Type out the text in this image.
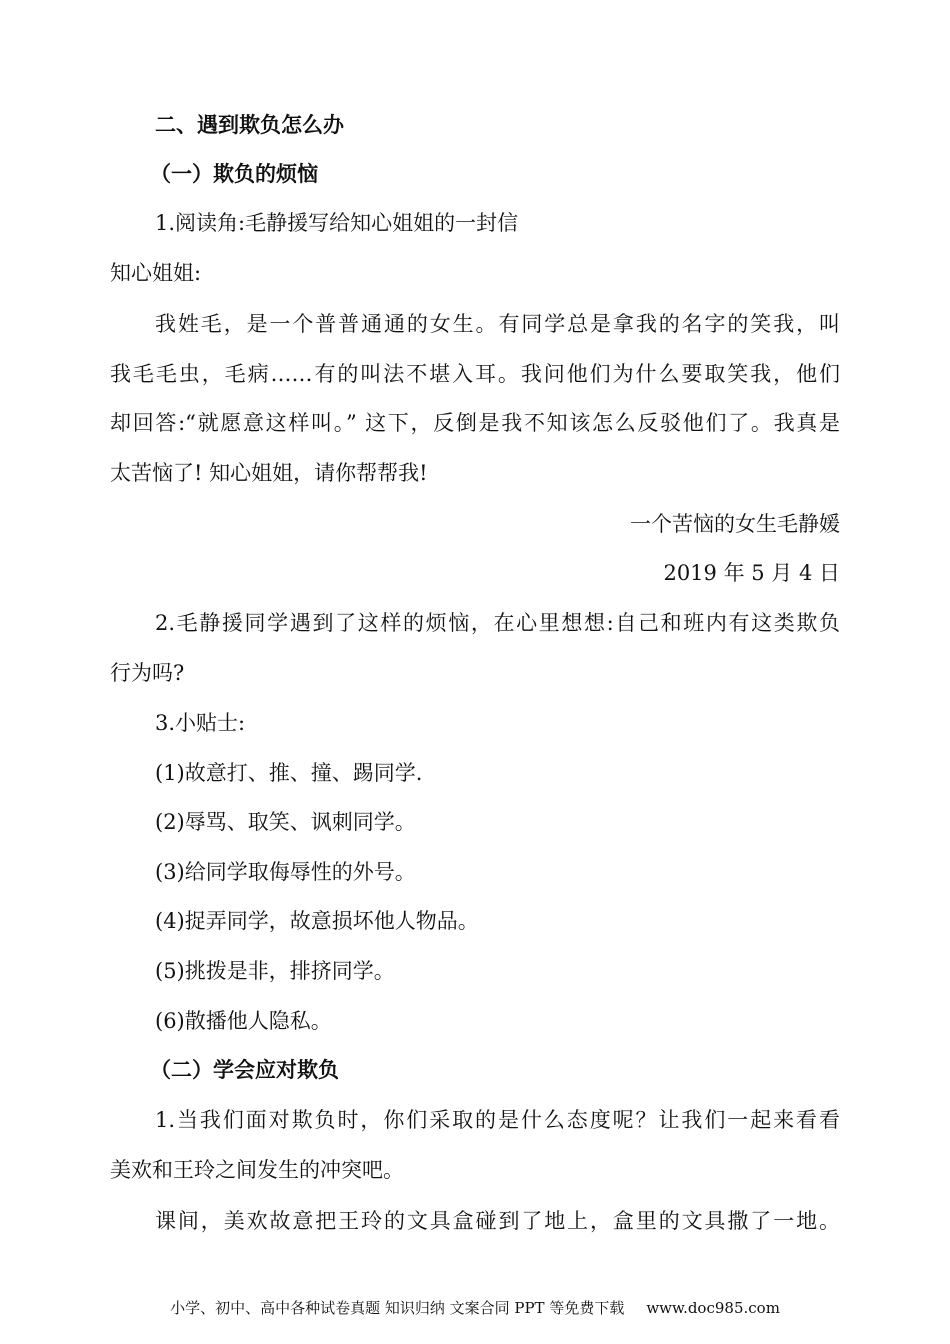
二、遇到欺负怎么办
（一）欺负的烦恼
1.阅读角:毛静援写给知心姐姐的一封信
知心姐姐:
我姓毛，是一个普普通通的女生。有同学总是拿我的名字的笑我，叫
我毛毛虫，毛病……有的叫法不堪入耳。我问他们为什么要取笑我，他们
却回答:“就愿意这样叫。” 这下，反倒是我不知该怎么反驳他们了。我真是
太苦恼了! 知心姐姐，请你帮帮我!
一个苦恼的女生毛静媛
2019 年 5 月 4 日
2.毛静援同学遇到了这样的烦恼，在心里想想:自己和班内有这类欺负
行为吗?
3.小贴士:
(1)故意打、推、撞、踢同学.
(2)辱骂、取笑、讽刺同学。
(3)给同学取侮辱性的外号。
(4)捉弄同学，故意损坏他人物品。
(5)挑拨是非，排挤同学。
(6)散播他人隐私。
（二）学会应对欺负
1.当我们面对欺负时，你们采取的是什么态度呢？让我们一起来看看
美欢和王玲之间发生的冲突吧。
课间，美欢故意把王玲的文具盒碰到了地上，盒里的文具撒了一地。
小学、初中、高中各种试卷真题 知识归纳 文案合同 PPT 等免费下载 www.doc985.com
